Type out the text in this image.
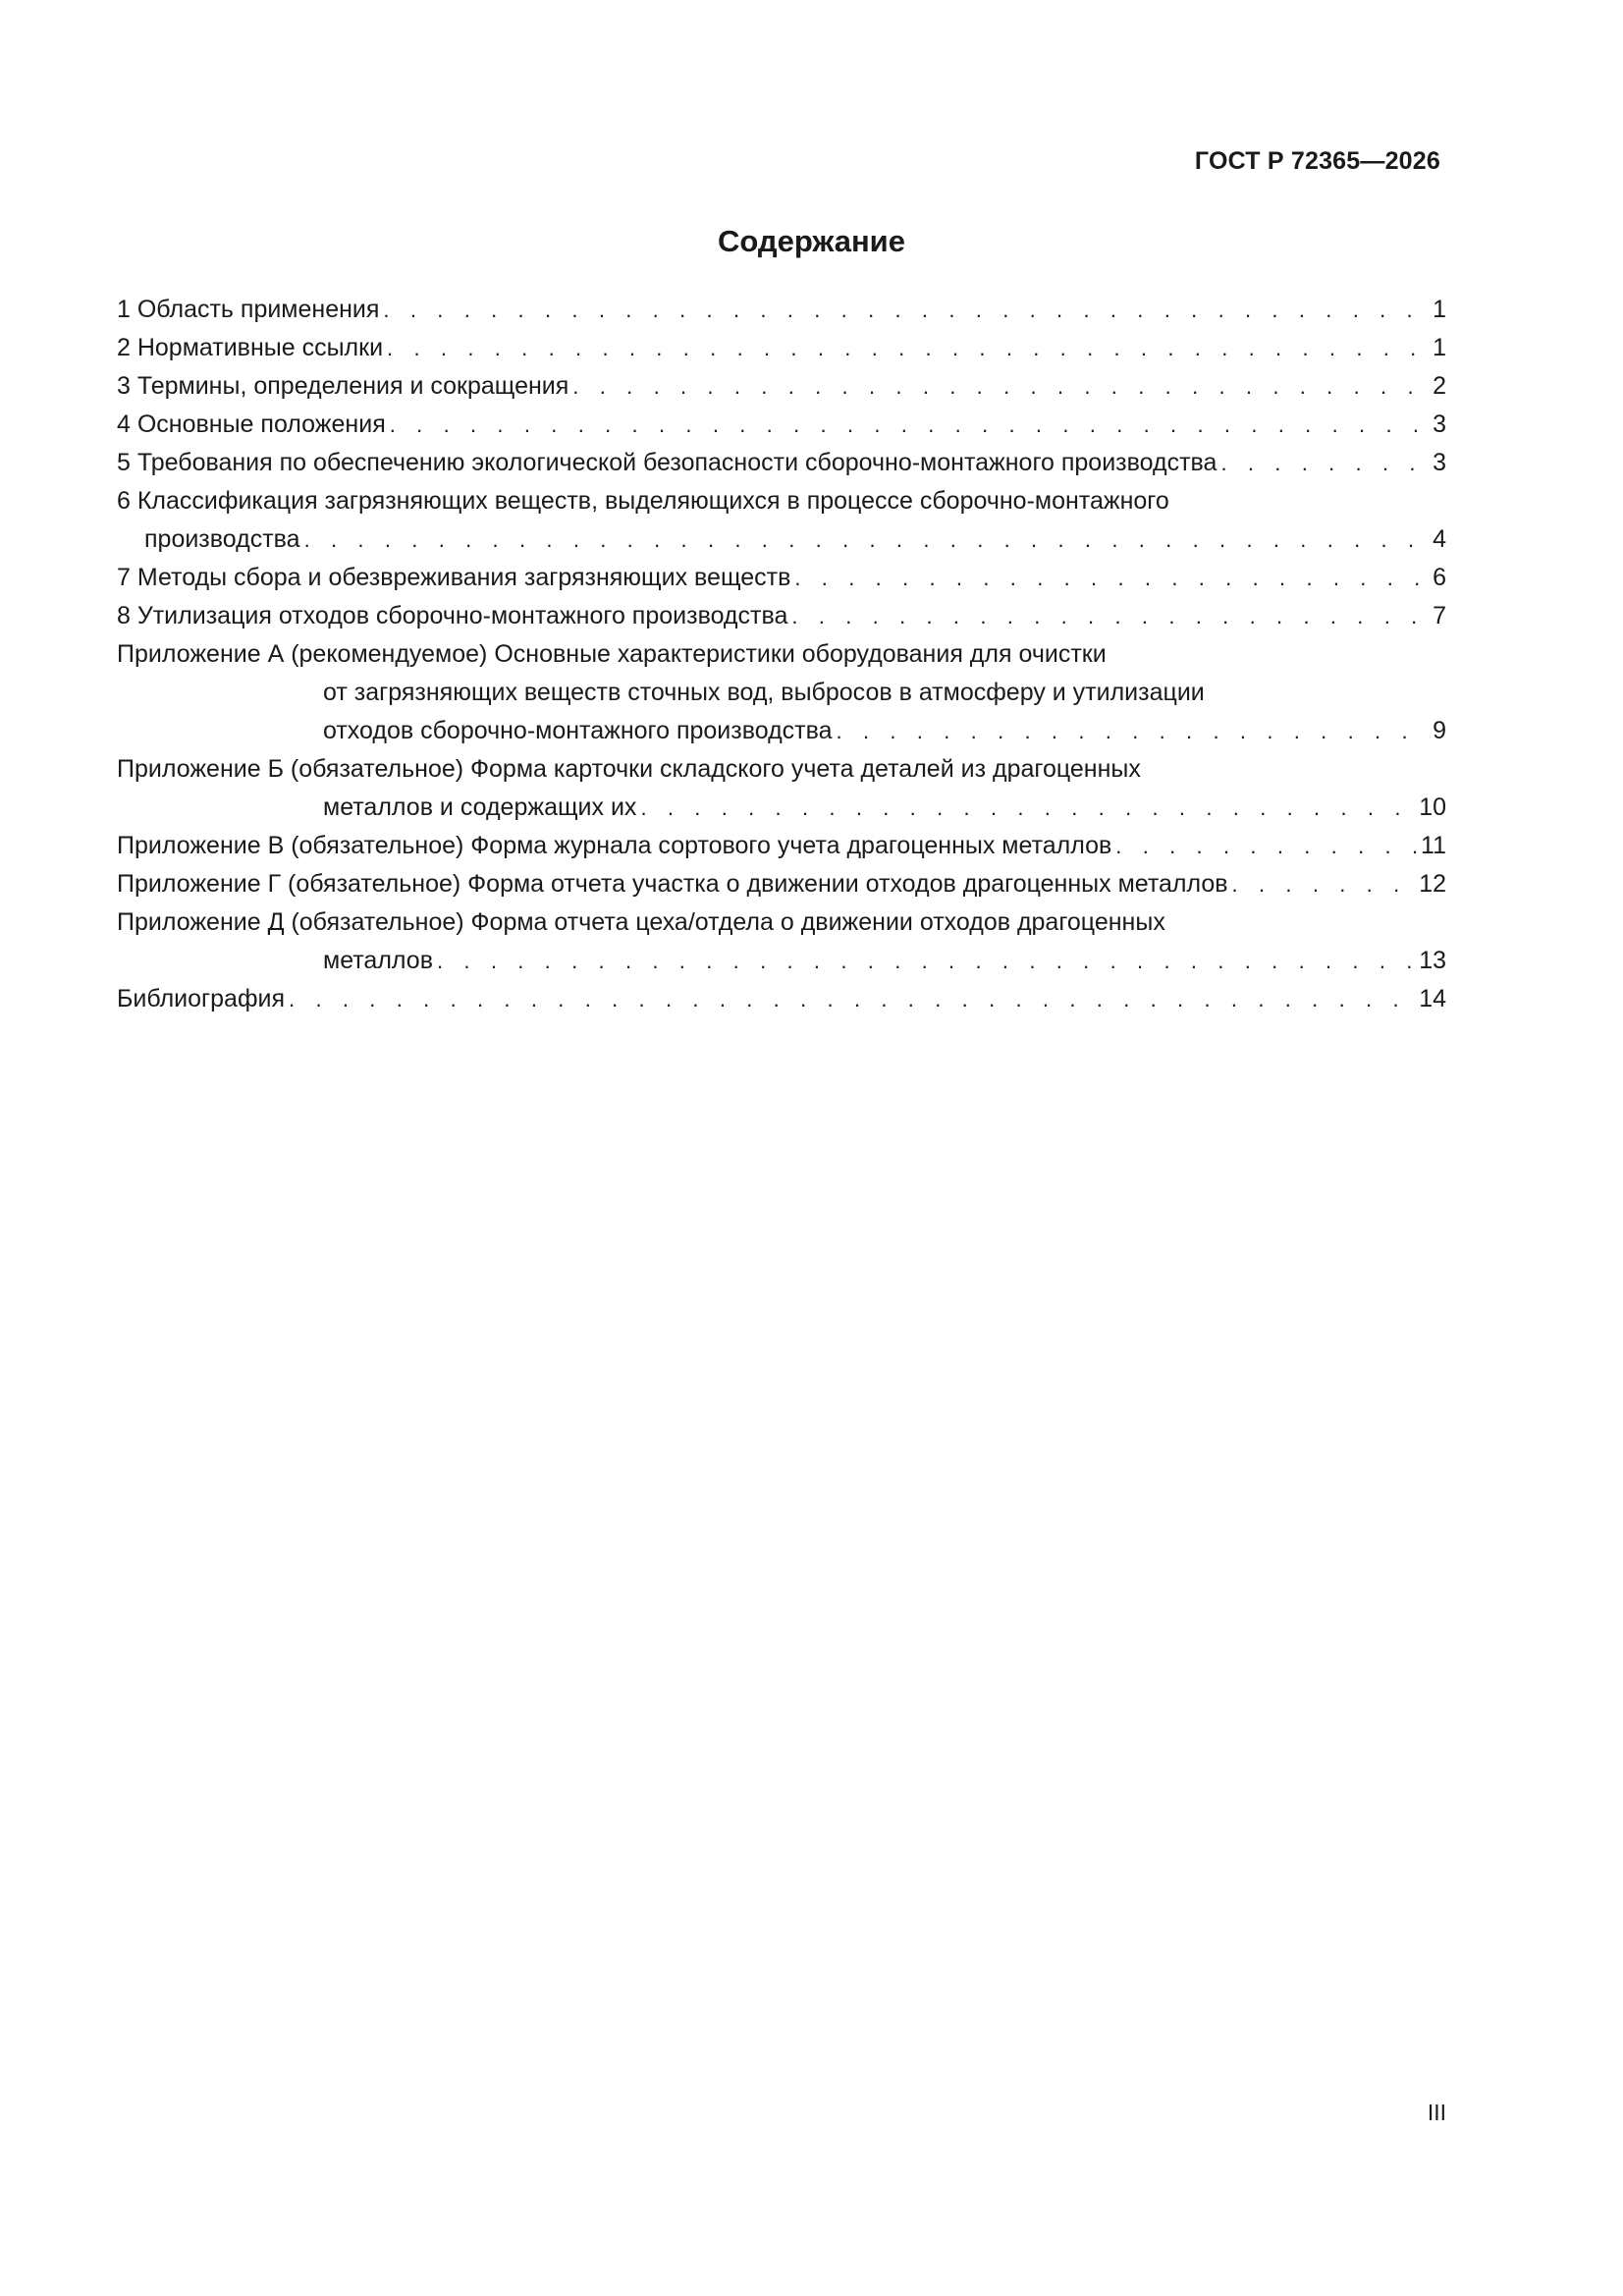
ГОСТ Р 72365—2026
Содержание
1 Область применения . . .	1
2 Нормативные ссылки . . .	1
3 Термины, определения и сокращения . . .	2
4 Основные положения . . .	3
5 Требования по обеспечению экологической безопасности сборочно-монтажного производства . . .	3
6 Классификация загрязняющих веществ, выделяющихся в процессе сборочно-монтажного
производства . . .	4
7 Методы сбора и обезвреживания загрязняющих веществ . . .	6
8 Утилизация отходов сборочно-монтажного производства . . .	7
Приложение А (рекомендуемое) Основные характеристики оборудования для очистки
от загрязняющих веществ сточных вод, выбросов в атмосферу и утилизации
отходов сборочно-монтажного производства . . .	9
Приложение Б (обязательное) Форма карточки складского учета деталей из драгоценных
металлов и содержащих их . . .	10
Приложение В (обязательное) Форма журнала сортового учета драгоценных металлов . . .	11
Приложение Г (обязательное) Форма отчета участка о движении отходов драгоценных металлов . . .	12
Приложение Д (обязательное) Форма отчета цеха/отдела о движении отходов драгоценных
металлов . . .	13
Библиография . . .	14
III
